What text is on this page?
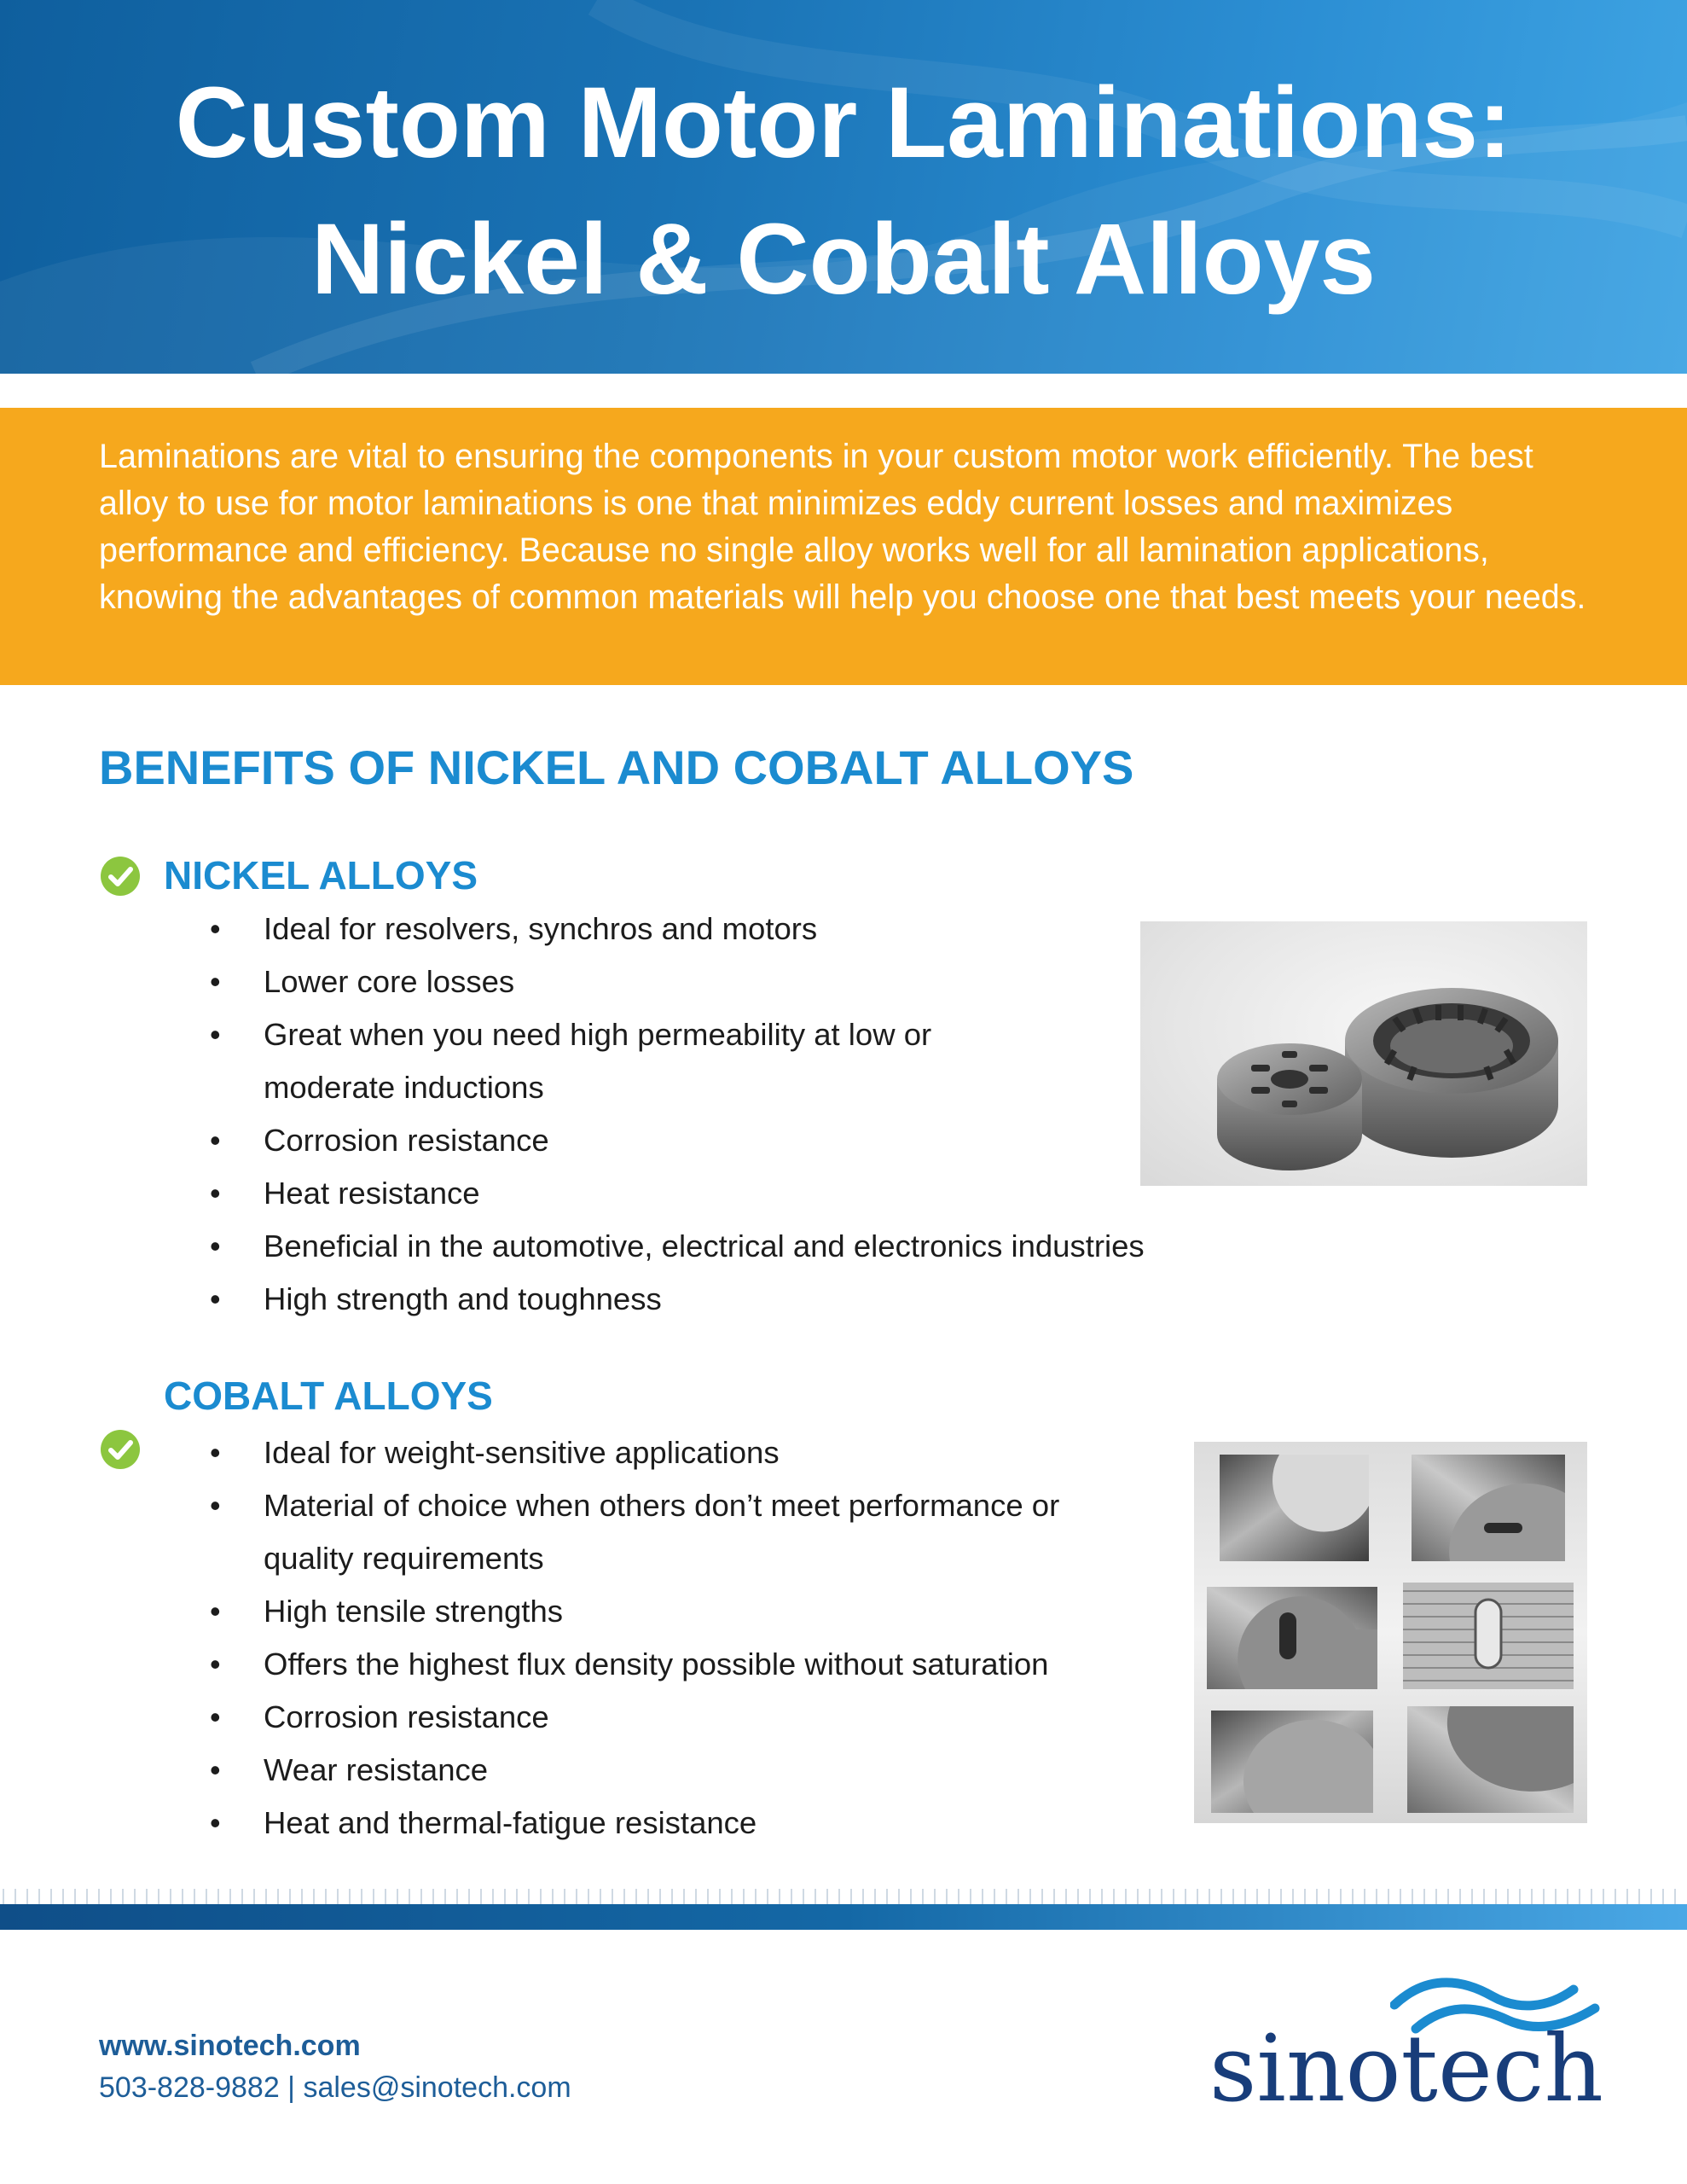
Custom Motor Laminations:
Nickel & Cobalt Alloys

Laminations are vital to ensuring the components in your custom motor work efficiently. The best alloy to use for motor laminations is one that minimizes eddy current losses and maximizes performance and efficiency. Because no single alloy works well for all lamination applications, knowing the advantages of common materials will help you choose one that best meets your needs.

BENEFITS OF NICKEL AND COBALT ALLOYS
NICKEL ALLOYS
• Ideal for resolvers, synchros and motors
• Lower core losses
• Great when you need high permeability at low or
moderate inductions
• Corrosion resistance
• Heat resistance
• Beneficial in the automotive, electrical and electronics industries
• High strength and toughness
COBALT ALLOYS
• Ideal for weight-sensitive applications
• Material of choice when others don’t meet performance or
quality requirements
• High tensile strengths
• Offers the highest flux density possible without saturation
• Corrosion resistance
• Wear resistance
• Heat and thermal-fatigue resistance

www.sinotech.com

503-828-9882 | sales@sinotech.com	sinotech
